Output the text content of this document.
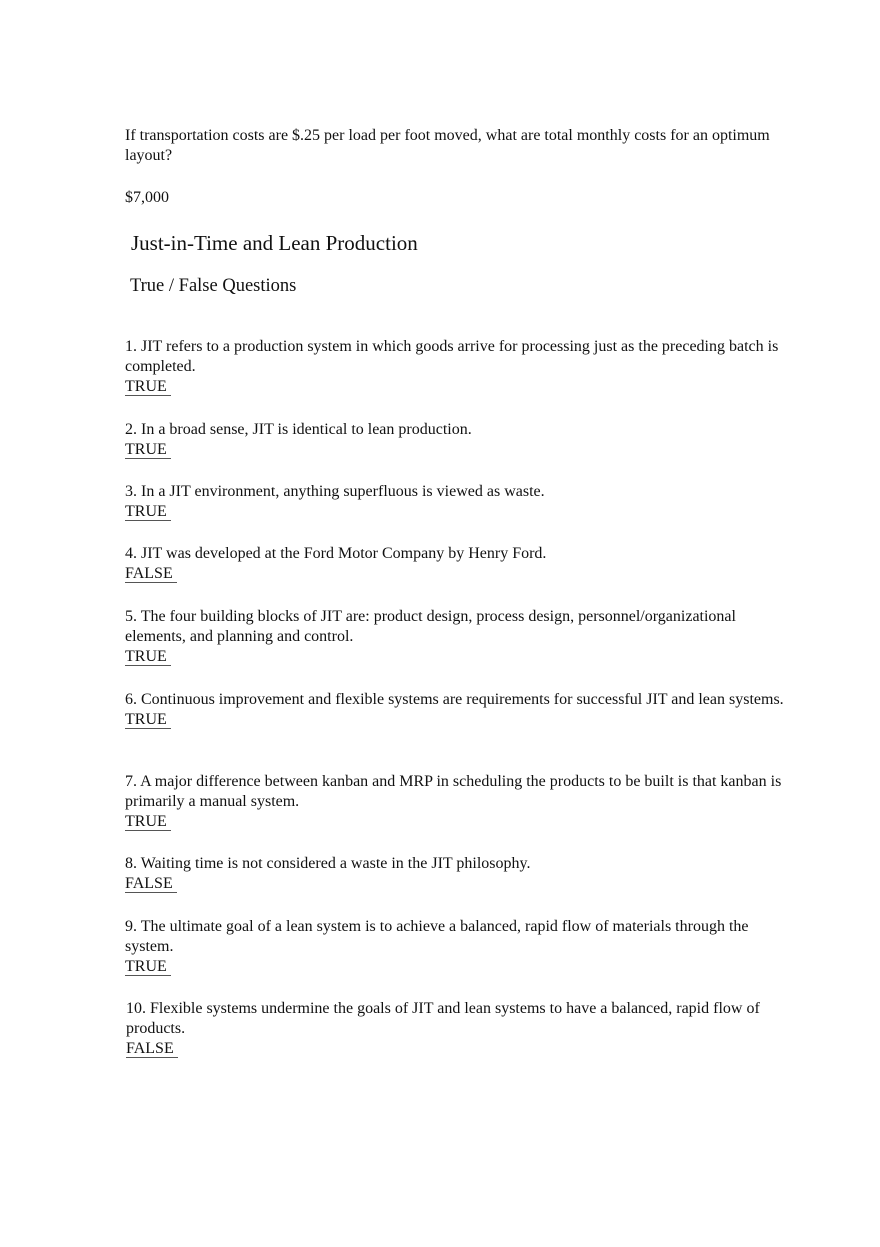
If transportation costs are $.25 per load per foot moved, what are total monthly costs for an optimum layout?
$7,000
Just-in-Time and Lean Production
True / False Questions
1. JIT refers to a production system in which goods arrive for processing just as the preceding batch is completed.
TRUE
2. In a broad sense, JIT is identical to lean production.
TRUE
3. In a JIT environment, anything superfluous is viewed as waste.
TRUE
4. JIT was developed at the Ford Motor Company by Henry Ford.
FALSE
5. The four building blocks of JIT are: product design, process design, personnel/organizational elements, and planning and control.
TRUE
6. Continuous improvement and flexible systems are requirements for successful JIT and lean systems.
TRUE
7. A major difference between kanban and MRP in scheduling the products to be built is that kanban is primarily a manual system.
TRUE
8. Waiting time is not considered a waste in the JIT philosophy.
FALSE
9. The ultimate goal of a lean system is to achieve a balanced, rapid flow of materials through the system.
TRUE
10. Flexible systems undermine the goals of JIT and lean systems to have a balanced, rapid flow of products.
FALSE
